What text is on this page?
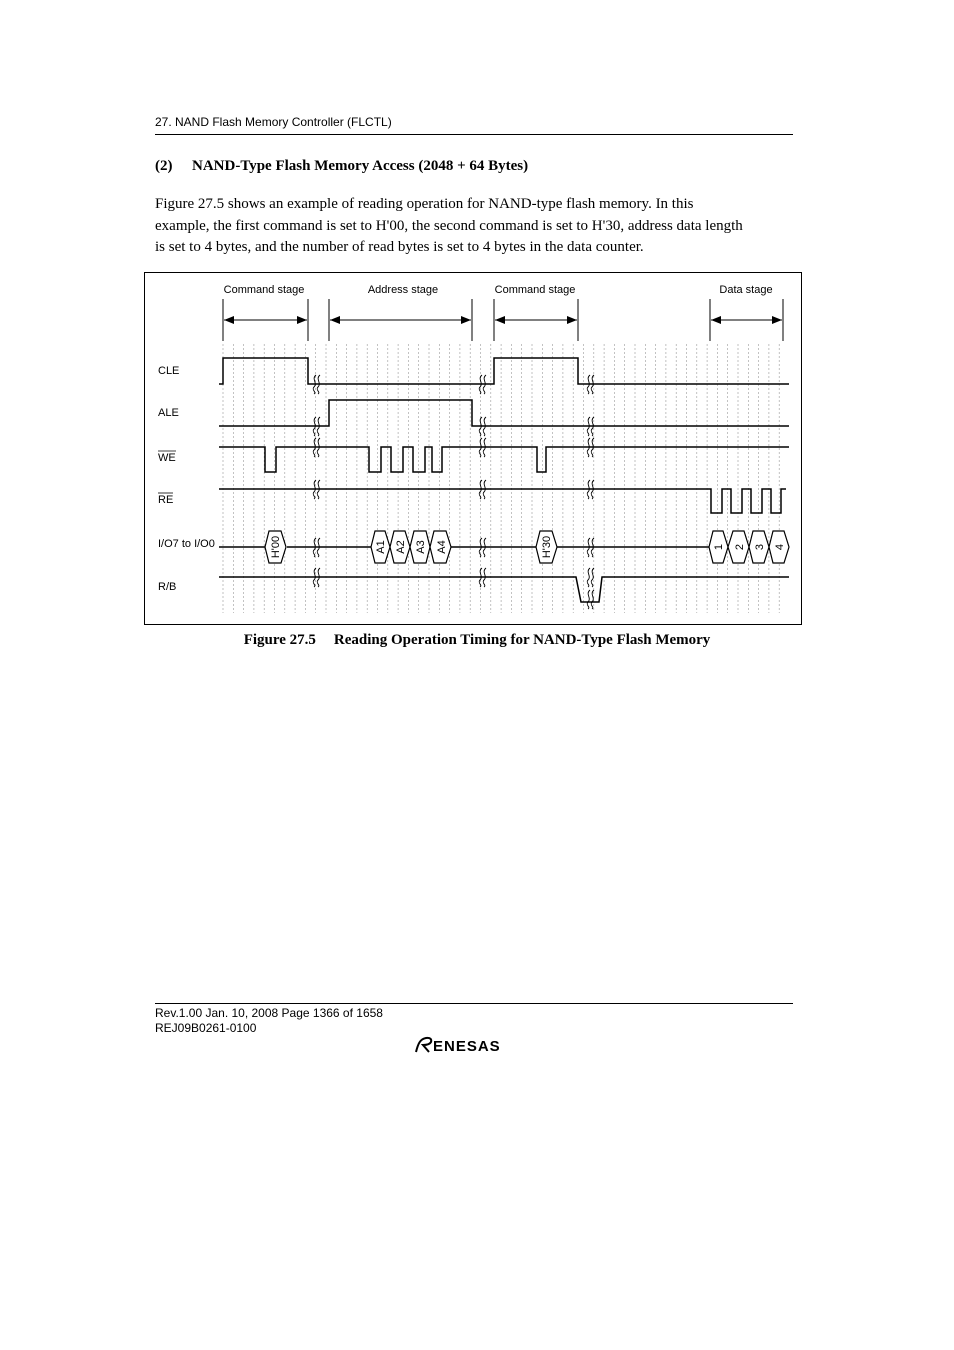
27. NAND Flash Memory Controller (FLCTL)
(2) NAND-Type Flash Memory Access (2048 + 64 Bytes)
Figure 27.5 shows an example of reading operation for NAND-type flash memory. In this
example, the first command is set to H'00, the second command is set to H'30, address data length
is set to 4 bytes, and the number of read bytes is set to 4 bytes in the data counter.
Command stage	Address stage	Command stage	Data stage
CLE
ALE
WE
RE
I/O7 to I/O0
R/B
H'00	A1 A2 A3 A4	H'30	1 2 3 4
Figure 27.5 Reading Operation Timing for NAND-Type Flash Memory
Rev.1.00 Jan. 10, 2008 Page 1366 of 1658
REJ09B0261-0100
ENESAS
